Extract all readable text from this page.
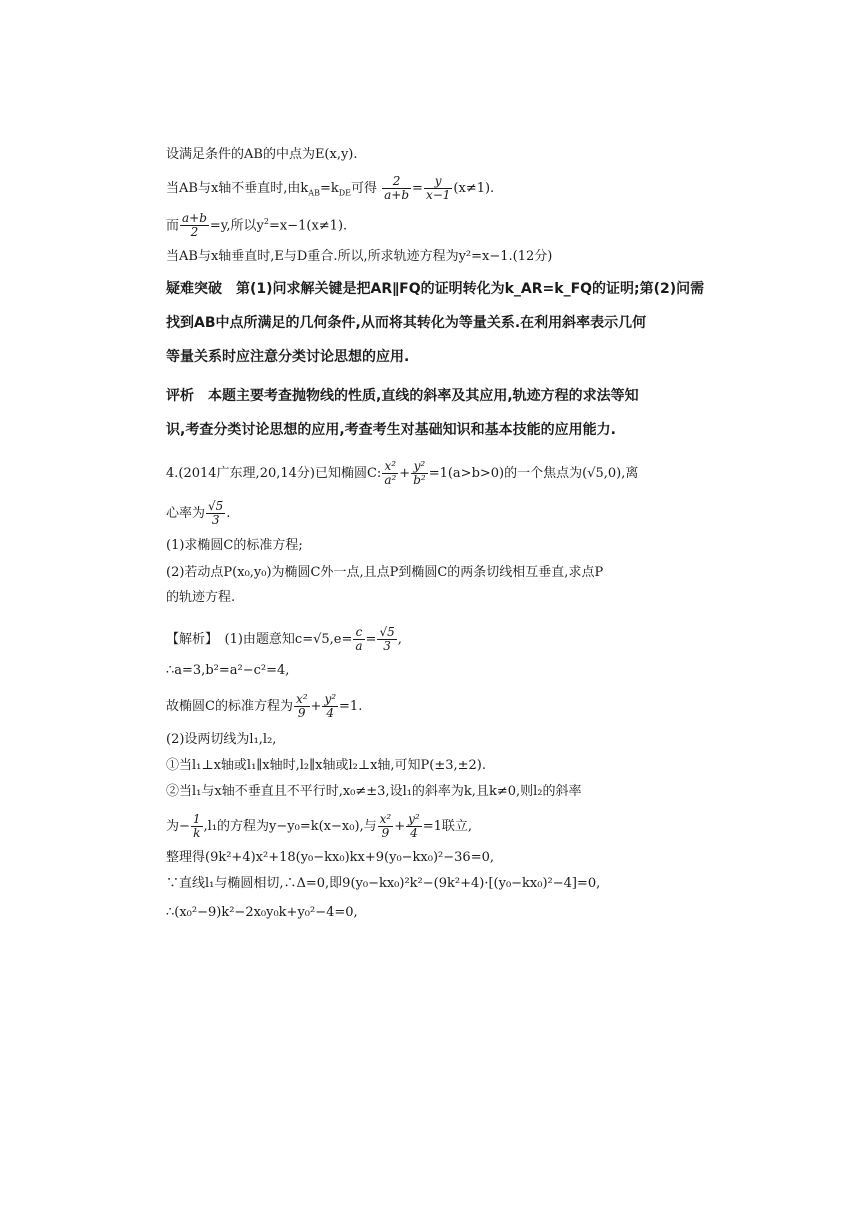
设满足条件的AB的中点为E(x,y).
当AB与x轴不垂直时,由$k_{AB}=k_{DE}$可得 $\frac{2}{a+b} = \frac{y}{x-1} (x\ne 1)$.
而 $\frac{a+b}{2} =y$,所以$y^2=x-1(x\ne 1)$.
当AB与x轴垂直时,E与D重合.所以,所求轨迹方程为y²=x−1.(12分)
疑难突破　第(1)问求解关键是把AR∥FQ的证明转化为k_AR=k_FQ的证明;第(2)问需
找到AB中点所满足的几何条件,从而将其转化为等量关系.在利用斜率表示几何
等量关系时应注意分类讨论思想的应用.
评析　本题主要考查抛物线的性质,直线的斜率及其应用,轨迹方程的求法等知
识,考查分类讨论思想的应用,考查考生对基础知识和基本技能的应用能力.
4.(2014广东理,20,14分)已知椭圆C: $\frac{\text{x²}}{\text{a²}} + \frac{\text{y²}}{\text{b²}} =1(a>b>0)$的一个焦点为(√5,0),离
心率为 $\frac{√5}{3}$ .
(1)求椭圆C的标准方程;
(2)若动点P(x₀,y₀)为椭圆C外一点,且点P到椭圆C的两条切线相互垂直,求点P
的轨迹方程.
【解析】　(1)由题意知$c=√5,e= \frac{c}{a} = \frac{√5}{3}$ ,
∴a=3,b²=a²−c²=4,
故椭圆C的标准方程为 $\frac{\text{x²}}{9} + \frac{\text{y²}}{4} =1$.
(2)设两切线为l₁,l₂,
①当l₁⊥x轴或l₁∥x轴时,l₂∥x轴或l₂⊥x轴,可知P(±3,±2).
②当l₁与x轴不垂直且不平行时,x₀≠±3,设l₁的斜率为k,且k≠0,则l₂的斜率
为− $\frac{1}{k} ,l_1$的方程为y−y₀=k(x−x₀),与 $\frac{\text{x²}}{9} + \frac{\text{y²}}{4} =1$联立,
整理得(9k²+4)x²+18(y₀−kx₀)kx+9(y₀−kx₀)²−36=0,
∵直线l₁与椭圆相切,∴Δ=0,即9(y₀−kx₀)²k²−(9k²+4)·[(y₀−kx₀)²−4]=0,
∴(x₀²−9)k²−2x₀y₀k+y₀²−4=0,
